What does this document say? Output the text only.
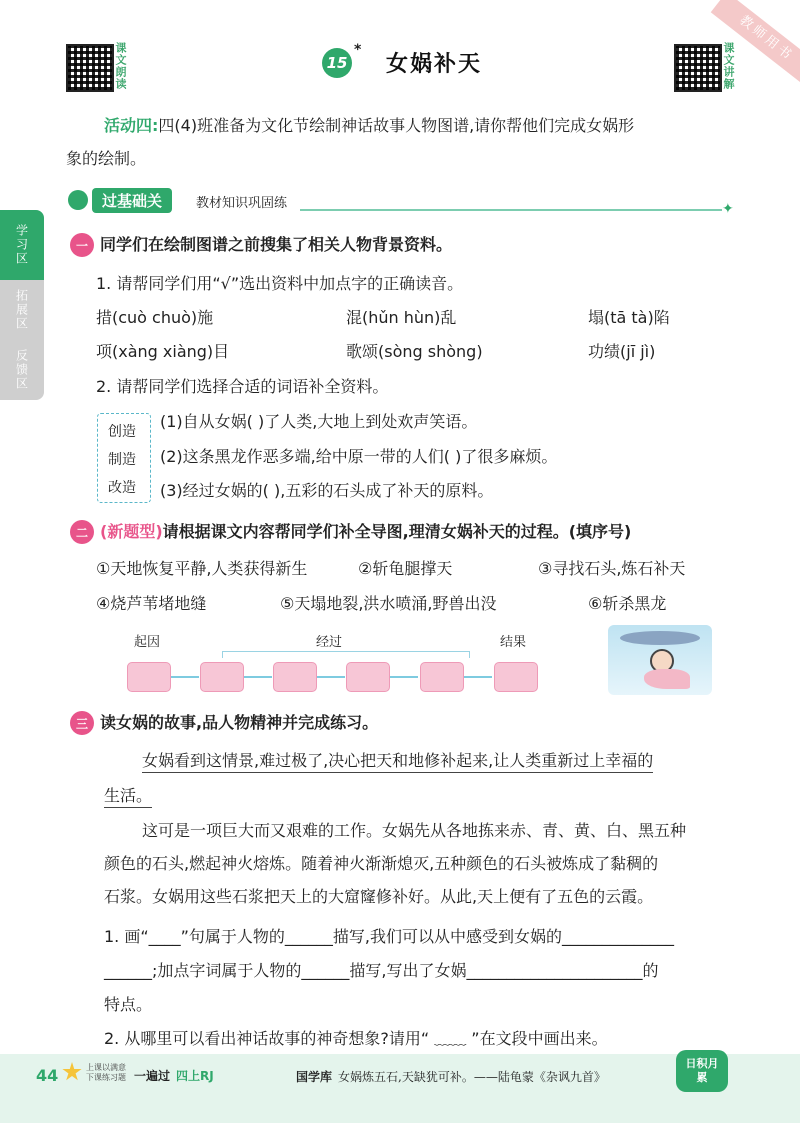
课文朗读	15
*
女娲补天	课文讲解
教师用书
学习区
拓展区
反馈区
活动四:四(4)班准备为文化节绘制神话故事人物图谱,请你帮他们完成女娲形
象的绘制。
过基础关	教材知识巩固练	✦
一 同学们在绘制图谱之前搜集了相关人物背景资料。
1. 请帮同学们用“√”选出资料中加点字的正确读音。
措(cuò chuò)施	混(hǔn hùn)乱	塌(tā tà)陷
项(xàng xiàng)目	歌颂(sòng shòng)	功绩(jī jì)
2. 请帮同学们选择合适的词语补全资料。
创造
制造
改造
(1)自从女娲( )了人类,大地上到处欢声笑语。
(2)这条黑龙作恶多端,给中原一带的人们( )了很多麻烦。
(3)经过女娲的( ),五彩的石头成了补天的原料。
二 (新题型)请根据课文内容帮同学们补全导图,理清女娲补天的过程。(填序号)
①天地恢复平静,人类获得新生	②斩龟腿撑天	③寻找石头,炼石补天
④烧芦苇堵地缝	⑤天塌地裂,洪水喷涌,野兽出没	⑥斩杀黑龙
起因	经过	结果
三 读女娲的故事,品人物精神并完成练习。
女娲看到这情景,难过极了,决心把天和地修补起来,让人类重新过上幸福的
生活。
这可是一项巨大而又艰难的工作。女娲先从各地拣来赤、青、黄、白、黑五种
颜色的石头,燃起神火熔炼。随着神火渐渐熄灭,五种颜色的石头被炼成了黏稠的
石浆。女娲用这些石浆把天上的大窟窿修补好。从此,天上便有了五色的云霞。
1. 画“____”句属于人物的______描写,我们可以从中感受到女娲的______________
______;加点字词属于人物的______描写,写出了女娲______________________的
特点。
2. 从哪里可以看出神话故事的神奇想象?请用“ ﹏﹏ ”在文段中画出来。
44	上课以满意
下课练习题 一遍过 四上RJ	国学库 女娲炼五石,天缺犹可补。——陆龟蒙《杂讽九首》
日积月累
